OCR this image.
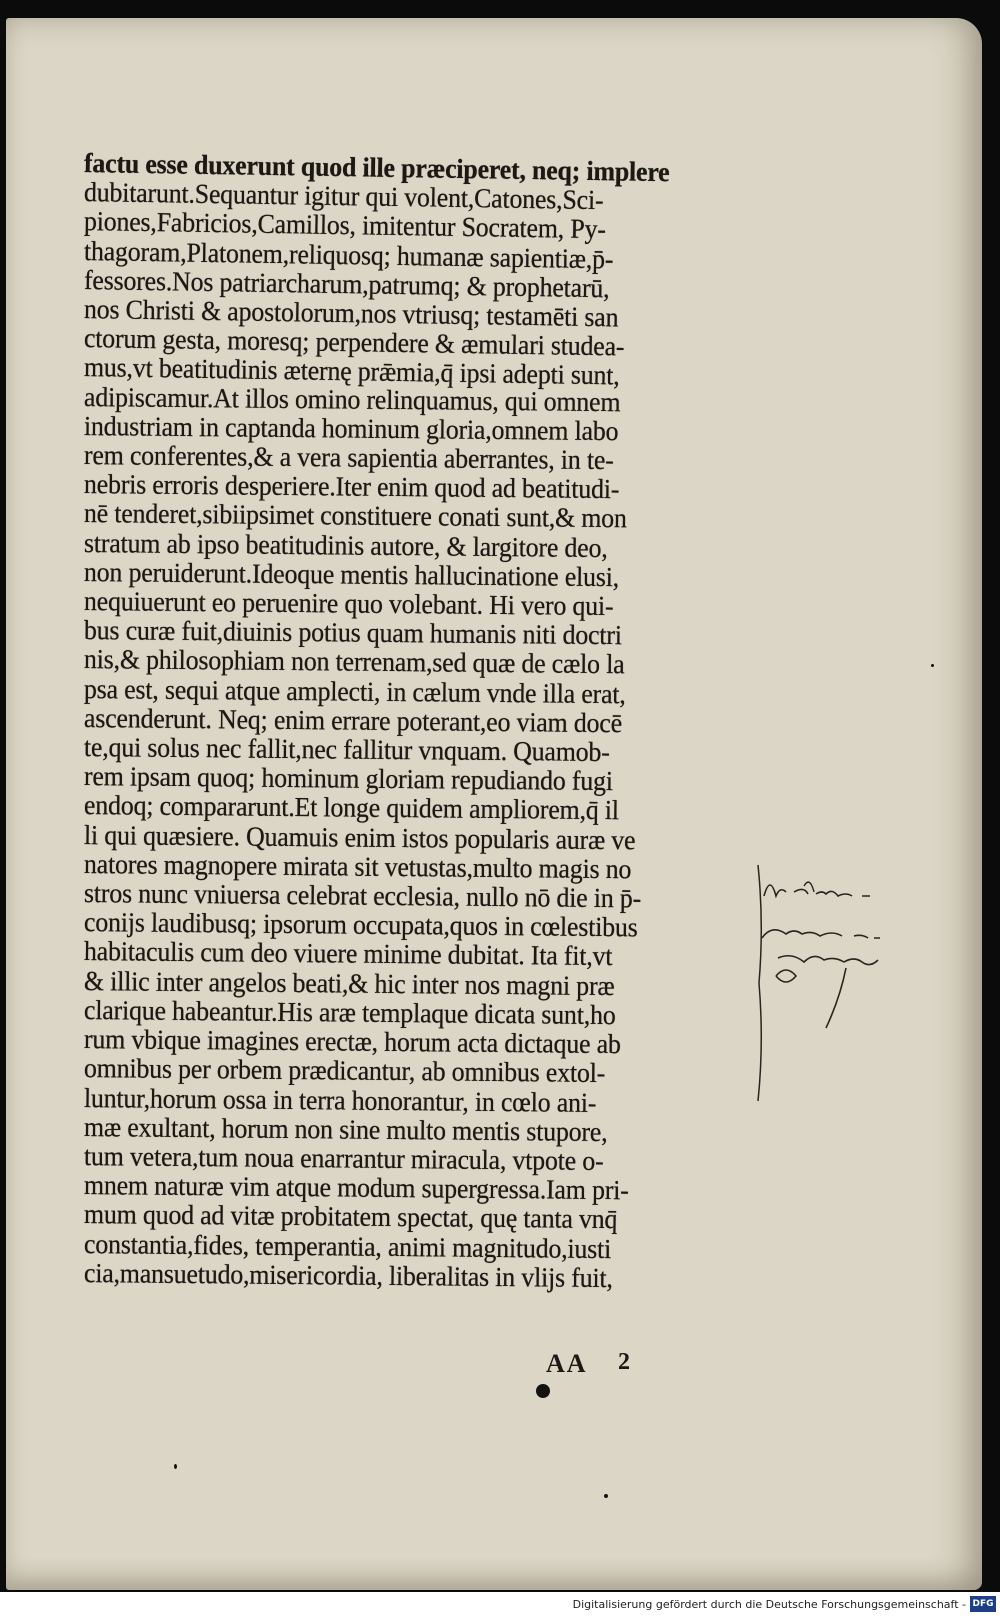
factu esse duxerunt quod ille præciperet, neq; implere
dubitarunt.Sequantur igitur qui volent,Catones,Sci-
piones,Fabricios,Camillos, imitentur Socratem, Py-
thagoram,Platonem,reliquosq; humanæ sapientiæ,p̄-
fessores.Nos patriarcharum,patrumq; & prophetarū,
nos Christi & apostolorum,nos vtriusq; testamēti san
ctorum gesta, moresq; perpendere & æmulari studea-
mus,vt beatitudinis æternę prǣmia,q̄ ipsi adepti sunt,
adipiscamur.At illos omino relinquamus, qui omnem
industriam in captanda hominum gloria,omnem labo
rem conferentes,& a vera sapientia aberrantes, in te-
nebris erroris desperiere.Iter enim quod ad beatitudi-
nē tenderet,sibiipsimet constituere conati sunt,& mon
stratum ab ipso beatitudinis autore, & largitore deo,
non peruiderunt.Ideoque mentis hallucinatione elusi,
nequiuerunt eo peruenire quo volebant. Hi vero qui-
bus curæ fuit,diuinis potius quam humanis niti doctri
nis,& philosophiam non terrenam,sed quæ de cælo la
psa est, sequi atque amplecti, in cælum vnde illa erat,
ascenderunt. Neq; enim errare poterant,eo viam docē
te,qui solus nec fallit,nec fallitur vnquam. Quamob-
rem ipsam quoq; hominum gloriam repudiando fugi
endoq; compararunt.Et longe quidem ampliorem,q̄ il
li qui quæsiere. Quamuis enim istos popularis auræ ve
natores magnopere mirata sit vetustas,multo magis no
stros nunc vniuersa celebrat ecclesia, nullo nō die in p̄-
conijs laudibusq; ipsorum occupata,quos in cœlestibus
habitaculis cum deo viuere minime dubitat. Ita fit,vt
& illic inter angelos beati,& hic inter nos magni præ
clarique habeantur.His aræ templaque dicata sunt,ho
rum vbique imagines erectæ, horum acta dictaque ab
omnibus per orbem prædicantur, ab omnibus extol-
luntur,horum ossa in terra honorantur, in cœlo ani-
mæ exultant, horum non sine multo mentis stupore,
tum vetera,tum noua enarrantur miracula, vtpote o-
mnem naturæ vim atque modum supergressa.Iam pri-
mum quod ad vitæ probitatem spectat, quę tanta vnq̄
constantia,fides, temperantia, animi magnitudo,iusti
cia,mansuetudo,misericordia, liberalitas in vlijs fuit,
AA 2
Digitalisierung gefördert durch die Deutsche Forschungsgemeinschaft - DFG
